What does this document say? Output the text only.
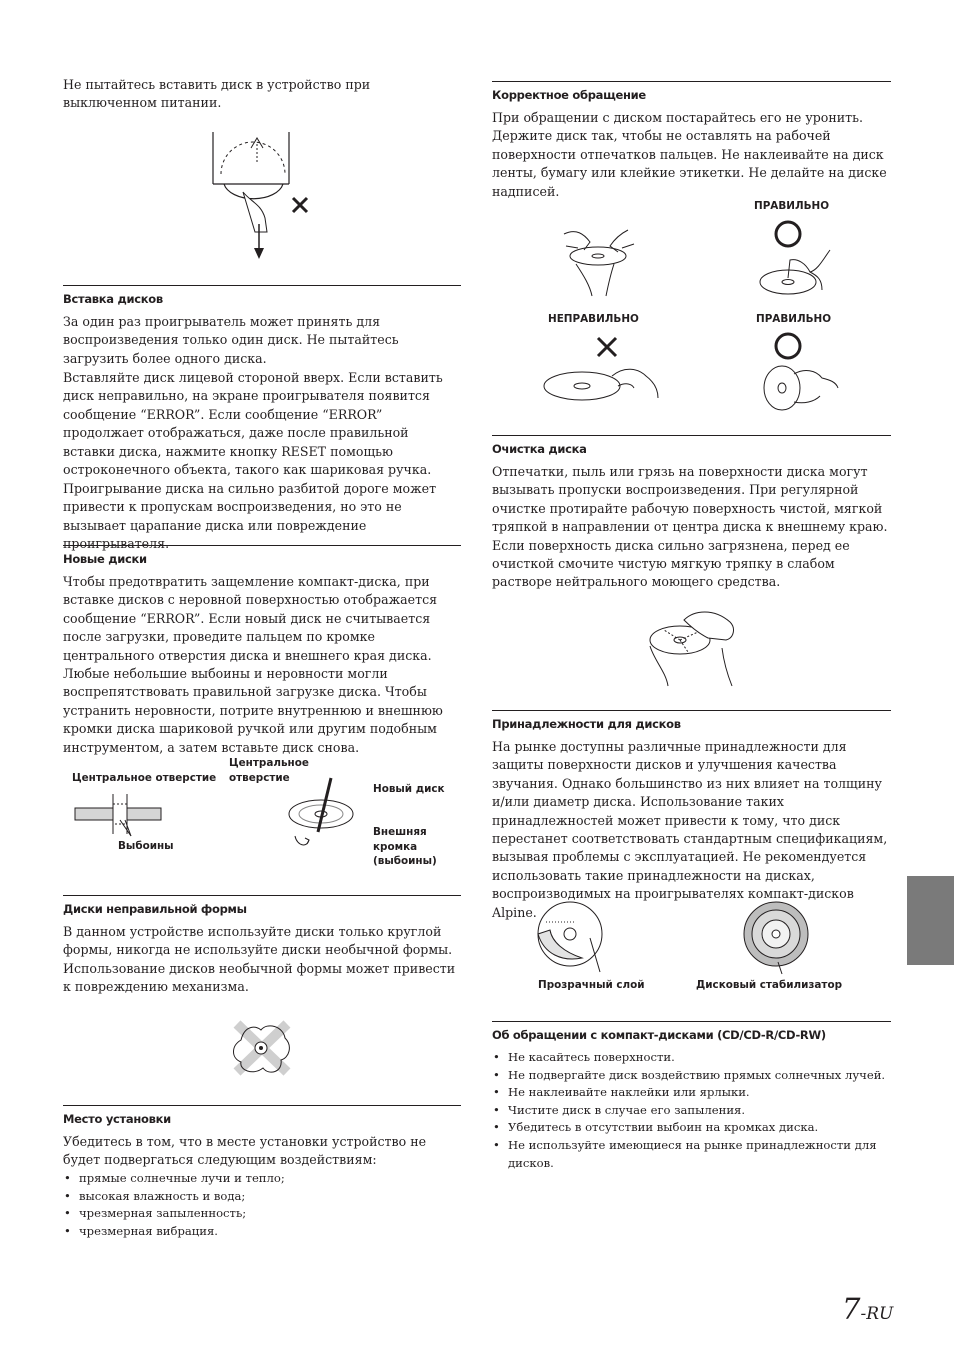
Не пытайтесь вставить диск в устройство при выключенном питании.

Вставка дисков

За один раз проигрыватель может принять для воспроизведения только один диск. Не пытайтесь загрузить более одного диска.

Вставляйте диск лицевой стороной вверх. Если вставить диск неправильно, на экране проигрывателя появится сообщение “ERROR”. Если сообщение “ERROR” продолжает отображаться, даже после правильной вставки диска, нажмите кнопку RESET помощью остроконечного объекта, такого как шариковая ручка.

Проигрывание диска на сильно разбитой дороге может привести к пропускам воспроизведения, но это не вызывает царапание диска или повреждение проигрывателя.

Новые диски

Чтобы предотвратить защемление компакт-диска, при вставке дисков с неровной поверхностью отображается сообщение “ERROR”. Если новый диск не считывается после загрузки, проведите пальцем по кромке центрального отверстия диска и внешнего края диска. Любые небольшие выбоины и неровности могли воспрепятствовать правильной загрузке диска. Чтобы устранить неровности, потрите внутреннюю и внешнюю кромки диска шариковой ручкой или другим подобным инструментом, а затем вставьте диск снова.

Центральное отверстие

Выбоины

Центральное отверстие

Новый диск

Внешняя кромка (выбоины)

Диски неправильной формы

В данном устройстве используйте диски только круглой формы, никогда не используйте диски необычной формы. Использование дисков необычной формы может привести к повреждению механизма.

Место установки

Убедитесь в том, что в месте установки устройство не будет подвергаться следующим воздействиям:

• прямые солнечные лучи и тепло;
• высокая влажность и вода;
• чрезмерная запыленность;
• чрезмерная вибрация.

Корректное обращение

При обращении с диском постарайтесь его не уронить. Держите диск так, чтобы не оставлять на рабочей поверхности отпечатков пальцев. Не наклеивайте на диск ленты, бумагу или клейкие этикетки. Не делайте на диске надписей.

ПРАВИЛЬНО

НЕПРАВИЛЬНО	ПРАВИЛЬНО

Очистка диска

Отпечатки, пыль или грязь на поверхности диска могут вызывать пропуски воспроизведения. При регулярной очистке протирайте рабочую поверхность чистой, мягкой тряпкой в направлении от центра диска к внешнему краю. Если поверхность диска сильно загрязнена, перед ее очисткой смочите чистую мягкую тряпку в слабом растворе нейтрального моющего средства.

Принадлежности для дисков

На рынке доступны различные принадлежности для защиты поверхности дисков и улучшения качества звучания. Однако большинство из них влияет на толщину и/или диаметр диска. Использование таких принадлежностей может привести к тому, что диск перестанет соответствовать стандартным спецификациям, вызывая проблемы с эксплуатацией. Не рекомендуется использовать такие принадлежности на дисках, воспроизводимых на проигрывателях компакт-дисков Alpine.

Прозрачный слой	Дисковый стабилизатор

Об обращении с компакт-дисками (CD/CD-R/CD-RW)

• Не касайтесь поверхности.
• Не подвергайте диск воздействию прямых солнечных лучей.
• Не наклеивайте наклейки или ярлыки.
• Чистите диск в случае его запыления.
• Убедитесь в отсутствии выбоин на кромках диска.
• Не используйте имеющиеся на рынке принадлежности для дисков.
7-RU
